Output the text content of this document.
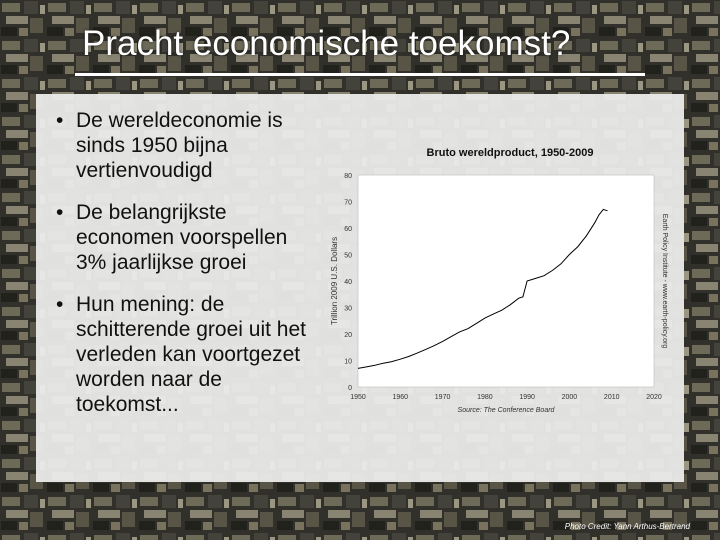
Pracht economische toekomst?
• De wereldeconomie is sinds 1950 bijna vertienvoudigd
• De belangrijkste economen voorspellen 3% jaarlijkse groei
• Hun mening: de schitterende groei uit het verleden kan voortgezet worden naar de toekomst...
Bruto wereldproduct, 1950-2009
Trillion 2009 U.S. Dollars	Earth Policy Institute - www.earth-policy.org
Source: The Conference Board
0
10
20
30
40
50
60
70
80
1950	1960	1970	1980	1990	2000	2010	2020
Photo Credit: Yann Arthus-Bertrand
